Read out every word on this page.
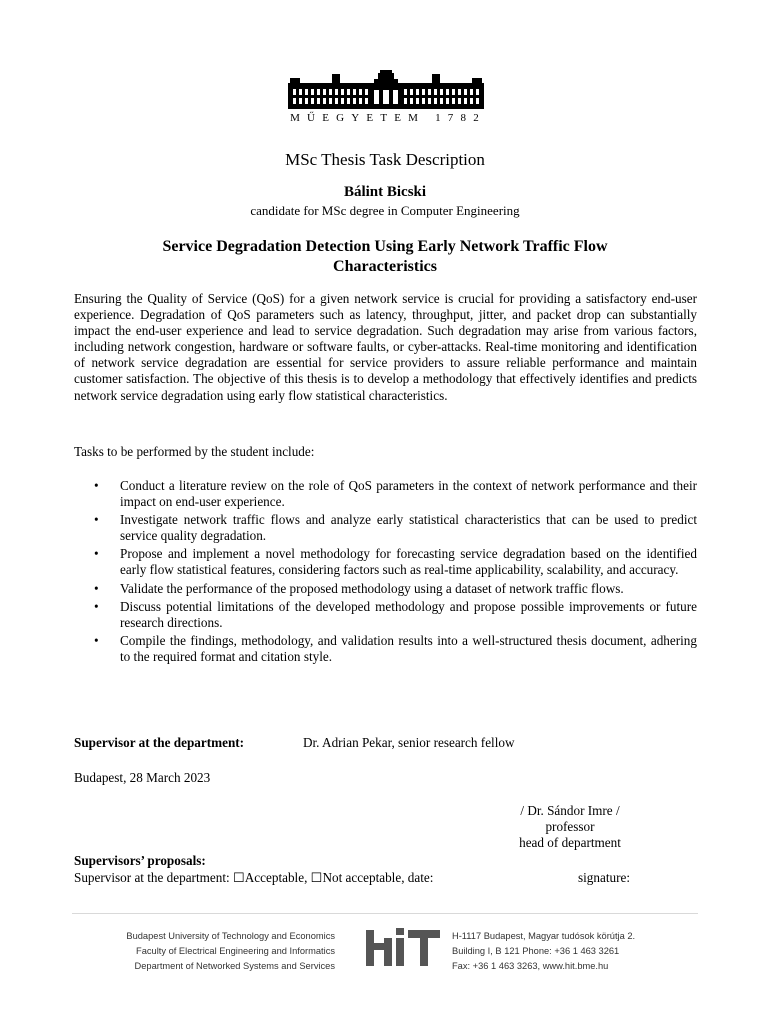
MŰEGYETEM 1782
MSc Thesis Task Description
Bálint Bicski
candidate for MSc degree in Computer Engineering
Service Degradation Detection Using Early Network Traffic Flow Characteristics
Ensuring the Quality of Service (QoS) for a given network service is crucial for providing a satisfactory end-user experience. Degradation of QoS parameters such as latency, throughput, jitter, and packet drop can substantially impact the end-user experience and lead to service degradation. Such degradation may arise from various factors, including network congestion, hardware or software faults, or cyber-attacks. Real-time monitoring and identification of network service degradation are essential for service providers to assure reliable performance and maintain customer satisfaction. The objective of this thesis is to develop a methodology that effectively identifies and predicts network service degradation using early flow statistical characteristics.
Tasks to be performed by the student include:
• Conduct a literature review on the role of QoS parameters in the context of network performance and their impact on end-user experience.
• Investigate network traffic flows and analyze early statistical characteristics that can be used to predict service quality degradation.
• Propose and implement a novel methodology for forecasting service degradation based on the identified early flow statistical features, considering factors such as real-time applicability, scalability, and accuracy.
• Validate the performance of the proposed methodology using a dataset of network traffic flows.
• Discuss potential limitations of the developed methodology and propose possible improvements or future research directions.
• Compile the findings, methodology, and validation results into a well-structured thesis document, adhering to the required format and citation style.
Supervisor at the department:	Dr. Adrian Pekar, senior research fellow
Budapest, 28 March 2023
/ Dr. Sándor Imre /
professor
head of department
Supervisors’ proposals:
Supervisor at the department: ☐Acceptable, ☐Not acceptable, date:	signature:
Budapest University of Technology and Economics
Faculty of Electrical Engineering and Informatics
Department of Networked Systems and Services
H-1117 Budapest, Magyar tudósok körútja 2.
Building I, B 121 Phone: +36 1 463 3261
Fax: +36 1 463 3263, www.hit.bme.hu
